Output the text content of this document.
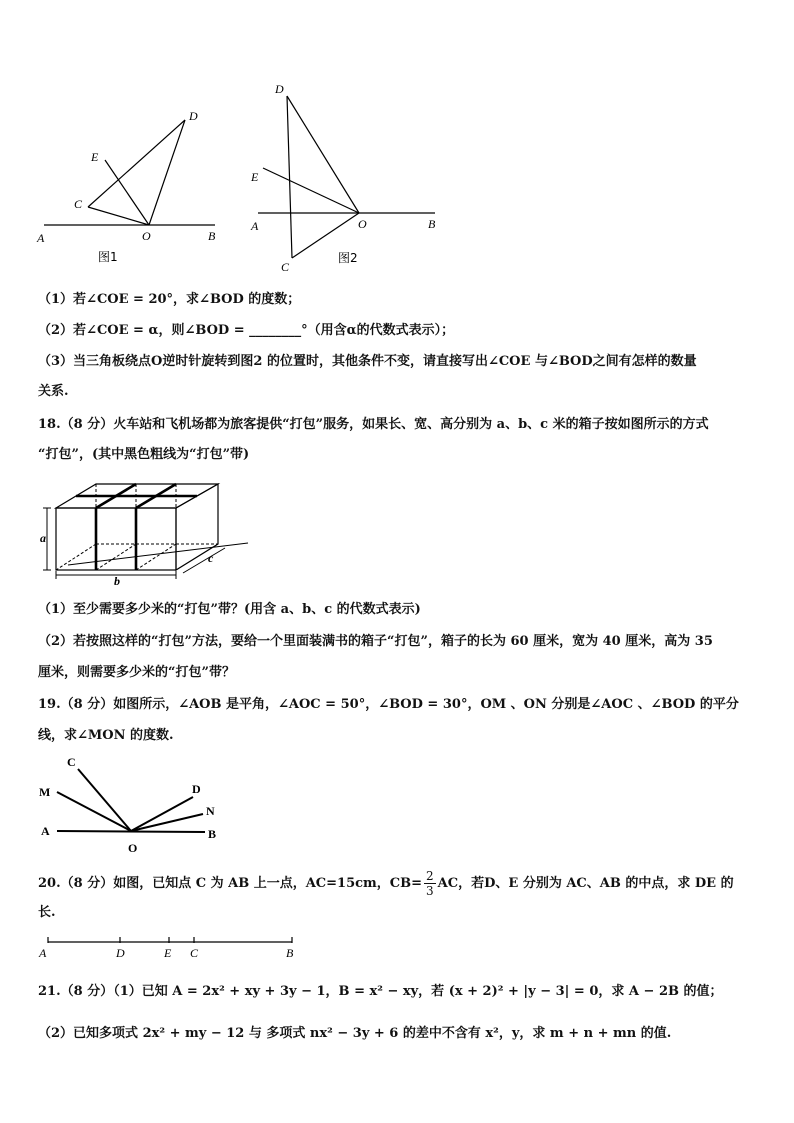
A	O	B
C
D
E
图1
D
E
A	O	B
C
图2
（1）若∠COE = 20°，求∠BOD 的度数；
（2）若∠COE = α，则∠BOD = ________°（用含α的代数式表示）；
（3）当三角板绕点O逆时针旋转到图2 的位置时，其他条件不变，请直接写出∠COE 与∠BOD之间有怎样的数量
关系.
18.（8 分）火车站和飞机场都为旅客提供“打包”服务，如果长、宽、高分别为 a、b、c 米的箱子按如图所示的方式
“打包”，(其中黑色粗线为“打包”带)
a
b
c
（1）至少需要多少米的“打包”带？(用含 a、b、c 的代数式表示)
（2）若按照这样的“打包”方法，要给一个里面装满书的箱子“打包”，箱子的长为 60 厘米，宽为 40 厘米，高为 35
厘米，则需要多少米的“打包”带？
19.（8 分）如图所示，∠AOB 是平角，∠AOC = 50°，∠BOD = 30°，OM 、ON 分别是∠AOC 、∠BOD 的平分
线，求∠MON 的度数.
C
M
A
D
N
B
O
20.（8 分）如图，已知点 C 为 AB 上一点，AC=15cm，$CB= \frac{2}{3}$ AC，若D、E 分别为 AC、AB 的中点，求 DE 的
长.
A	D	E C	B
21.（8 分）（1）已知 A = 2x² + xy + 3y − 1，B = x² − xy，若 (x + 2)² + |y − 3| = 0，求 A − 2B 的值；
（2）已知多项式 2x² + my − 12 与 多项式 nx² − 3y + 6 的差中不含有 x²，y，求 m + n + mn 的值.
